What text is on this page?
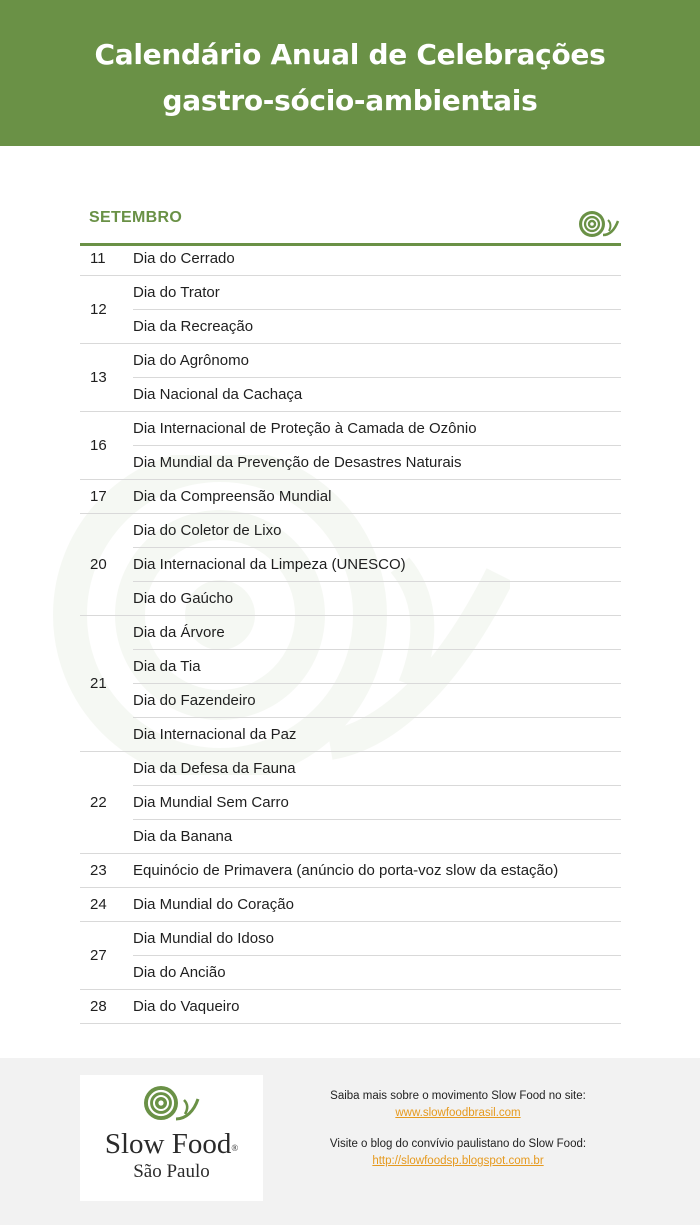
Calendário Anual de Celebrações
gastro-sócio-ambientais
SETEMBRO
11	Dia do Cerrado
12	Dia do Trator
	Dia da Recreação
13	Dia do Agrônomo
	Dia Nacional da Cachaça
16	Dia Internacional de Proteção à Camada de Ozônio
	Dia Mundial da Prevenção de Desastres Naturais
17	Dia da Compreensão Mundial
20	Dia do Coletor de Lixo
	Dia Internacional da Limpeza (UNESCO)
	Dia do Gaúcho
21	Dia da Árvore
	Dia da Tia
	Dia do Fazendeiro
	Dia Internacional da Paz
22	Dia da Defesa da Fauna
	Dia Mundial Sem Carro
	Dia da Banana
23	Equinócio de Primavera (anúncio do porta-voz slow da estação)
24	Dia Mundial do Coração
27	Dia Mundial do Idoso
	Dia do Ancião
28	Dia do Vaqueiro
Slow Food®
São Paulo

Saiba mais sobre o movimento Slow Food no site:

www.slowfoodbrasil.com

Visite o blog do convívio paulistano do Slow Food:

http://slowfoodsp.blogspot.com.br
